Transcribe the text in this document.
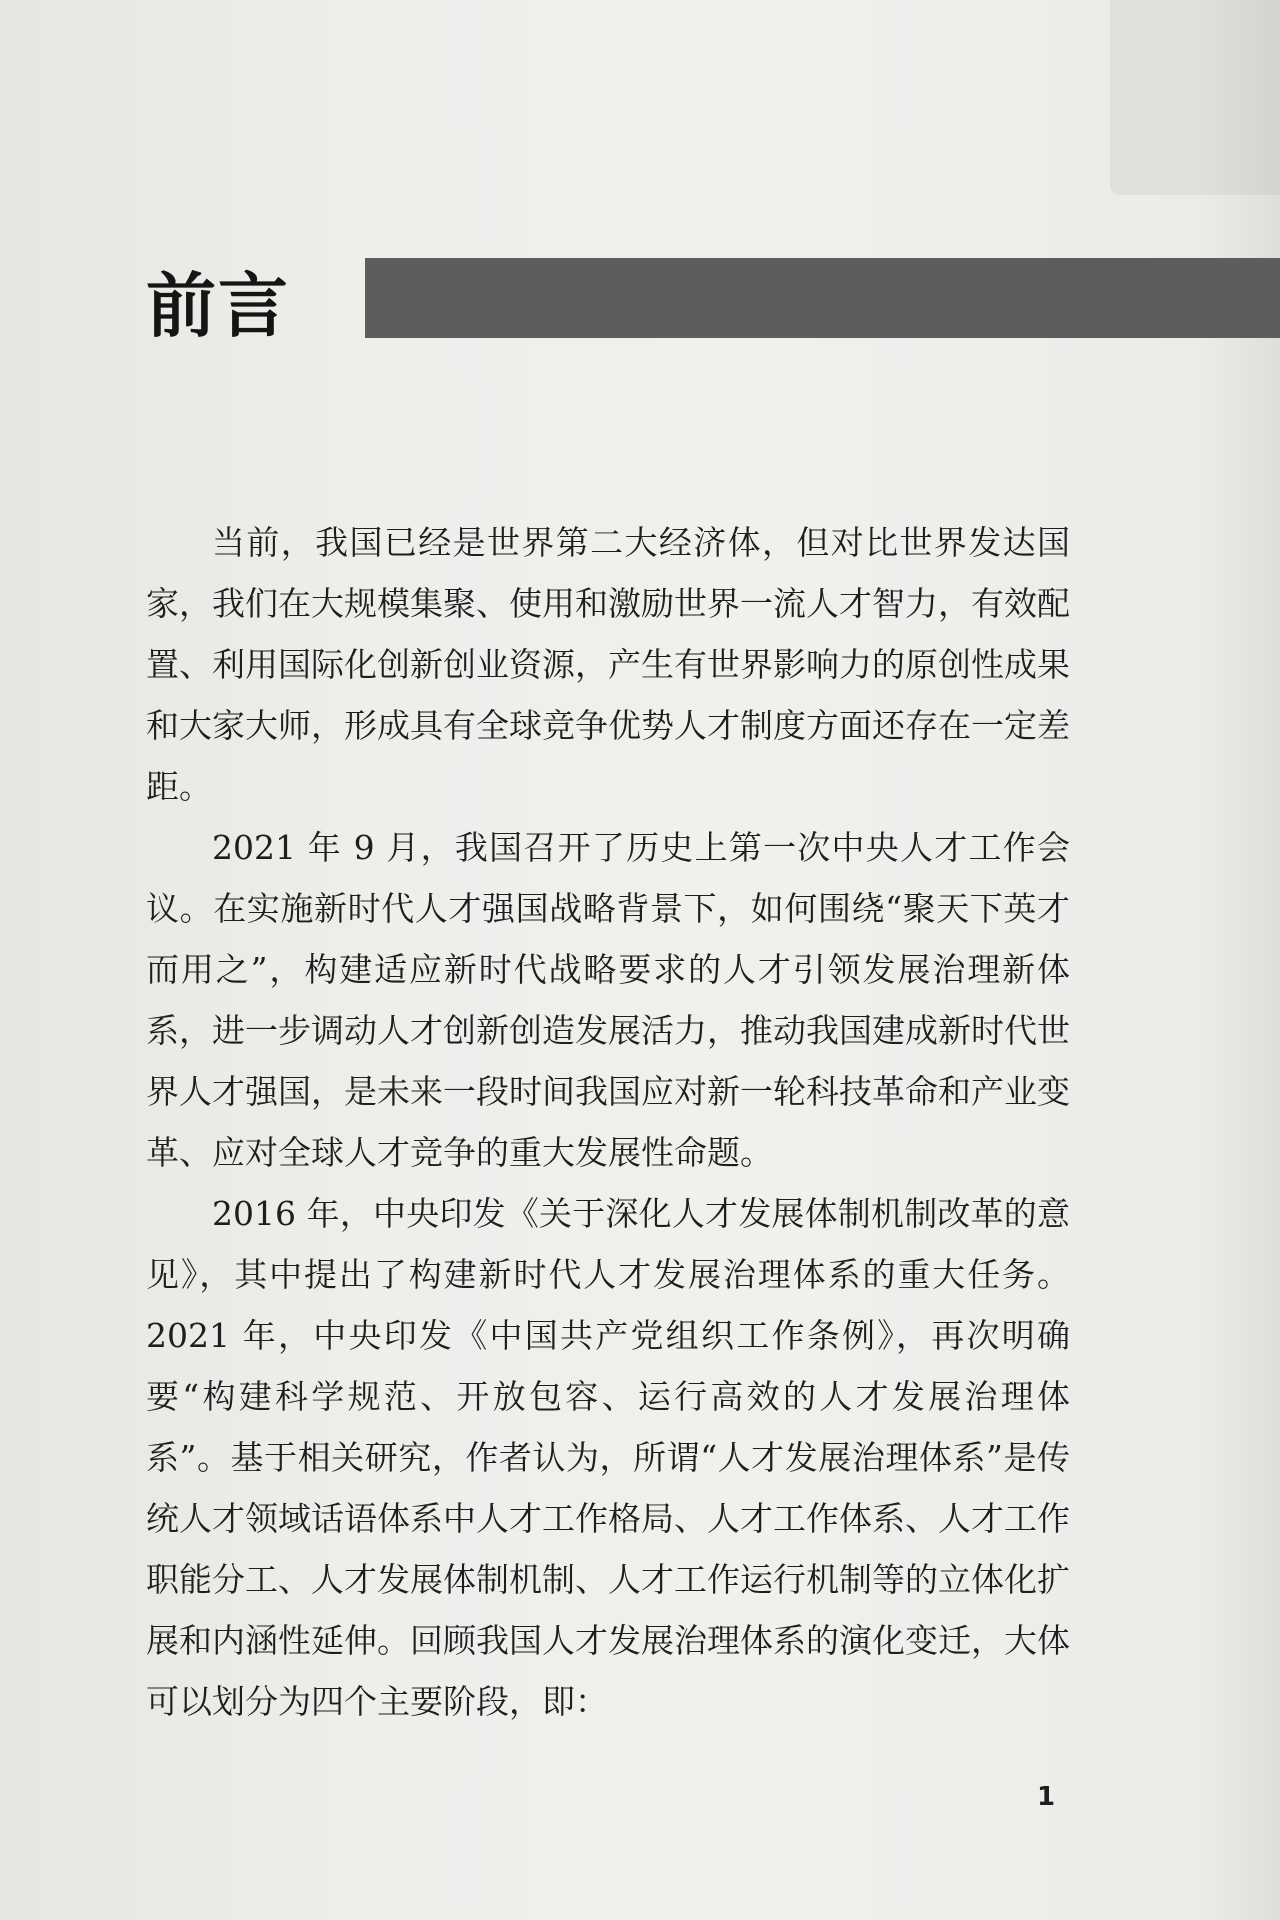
前言

当前，我国已经是世界第二大经济体，但对比世界发达国家，我们在大规模集聚、使用和激励世界一流人才智力，有效配置、利用国际化创新创业资源，产生有世界影响力的原创性成果和大家大师，形成具有全球竞争优势人才制度方面还存在一定差距。

2021 年 9 月，我国召开了历史上第一次中央人才工作会议。在实施新时代人才强国战略背景下，如何围绕“聚天下英才而用之”，构建适应新时代战略要求的人才引领发展治理新体系，进一步调动人才创新创造发展活力，推动我国建成新时代世界人才强国，是未来一段时间我国应对新一轮科技革命和产业变革、应对全球人才竞争的重大发展性命题。

2016 年，中央印发《关于深化人才发展体制机制改革的意见》，其中提出了构建新时代人才发展治理体系的重大任务。2021 年，中央印发《中国共产党组织工作条例》，再次明确要“构建科学规范、开放包容、运行高效的人才发展治理体系”。基于相关研究，作者认为，所谓“人才发展治理体系”是传统人才领域话语体系中人才工作格局、人才工作体系、人才工作职能分工、人才发展体制机制、人才工作运行机制等的立体化扩展和内涵性延伸。回顾我国人才发展治理体系的演化变迁，大体可以划分为四个主要阶段，即：

1
